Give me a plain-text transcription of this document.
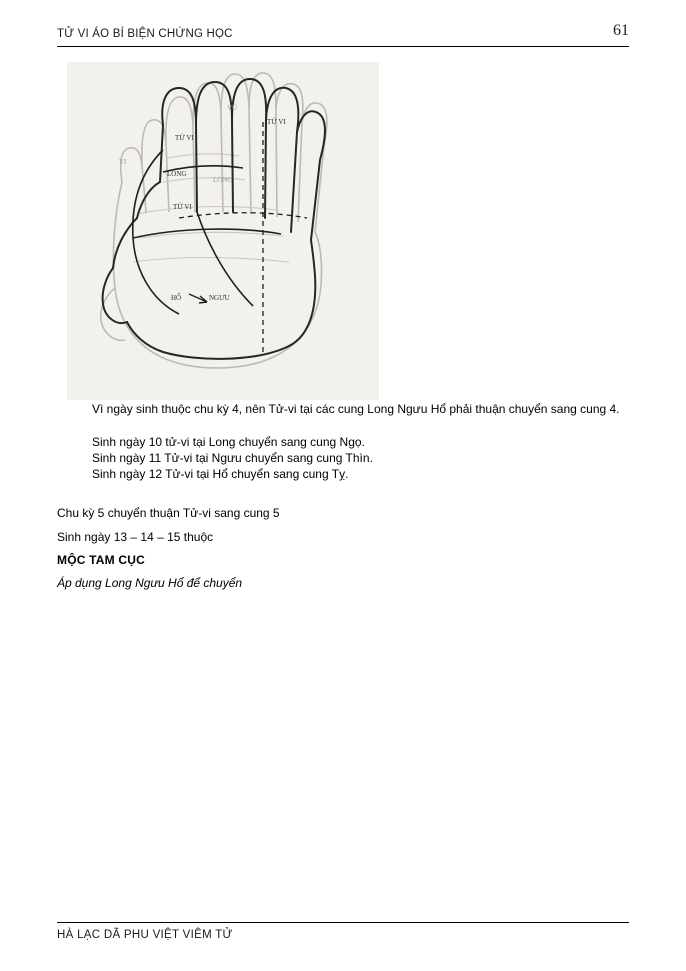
TỬ VI ÁO BÍ BIỆN CHỨNG HỌC	61
TỬ VI
TỬ VI
LONG
TỬ VI
HỔ	NGƯU
VŨ
LONG
VI
Vì ngày sinh thuộc chu kỳ 4, nên Tử-vi tại các cung Long Ngưu Hổ phải thuận chuyển sang cung 4.
Sinh ngày 10 tử-vi tại Long chuyển sang cung Ngọ.
Sinh ngày 11 Tử-vi tại Ngưu chuyển sang cung Thìn.
Sinh ngày 12 Tử-vi tại Hổ chuyển sang cung Tỵ.
Chu kỳ 5 chuyển thuận Tử-vi sang cung 5
Sinh ngày 13 – 14 – 15 thuộc
MỘC TAM CỤC
Áp dụng Long Ngưu Hổ để chuyển
HÀ LẠC DÃ PHU VIỆT VIÊM TỬ
